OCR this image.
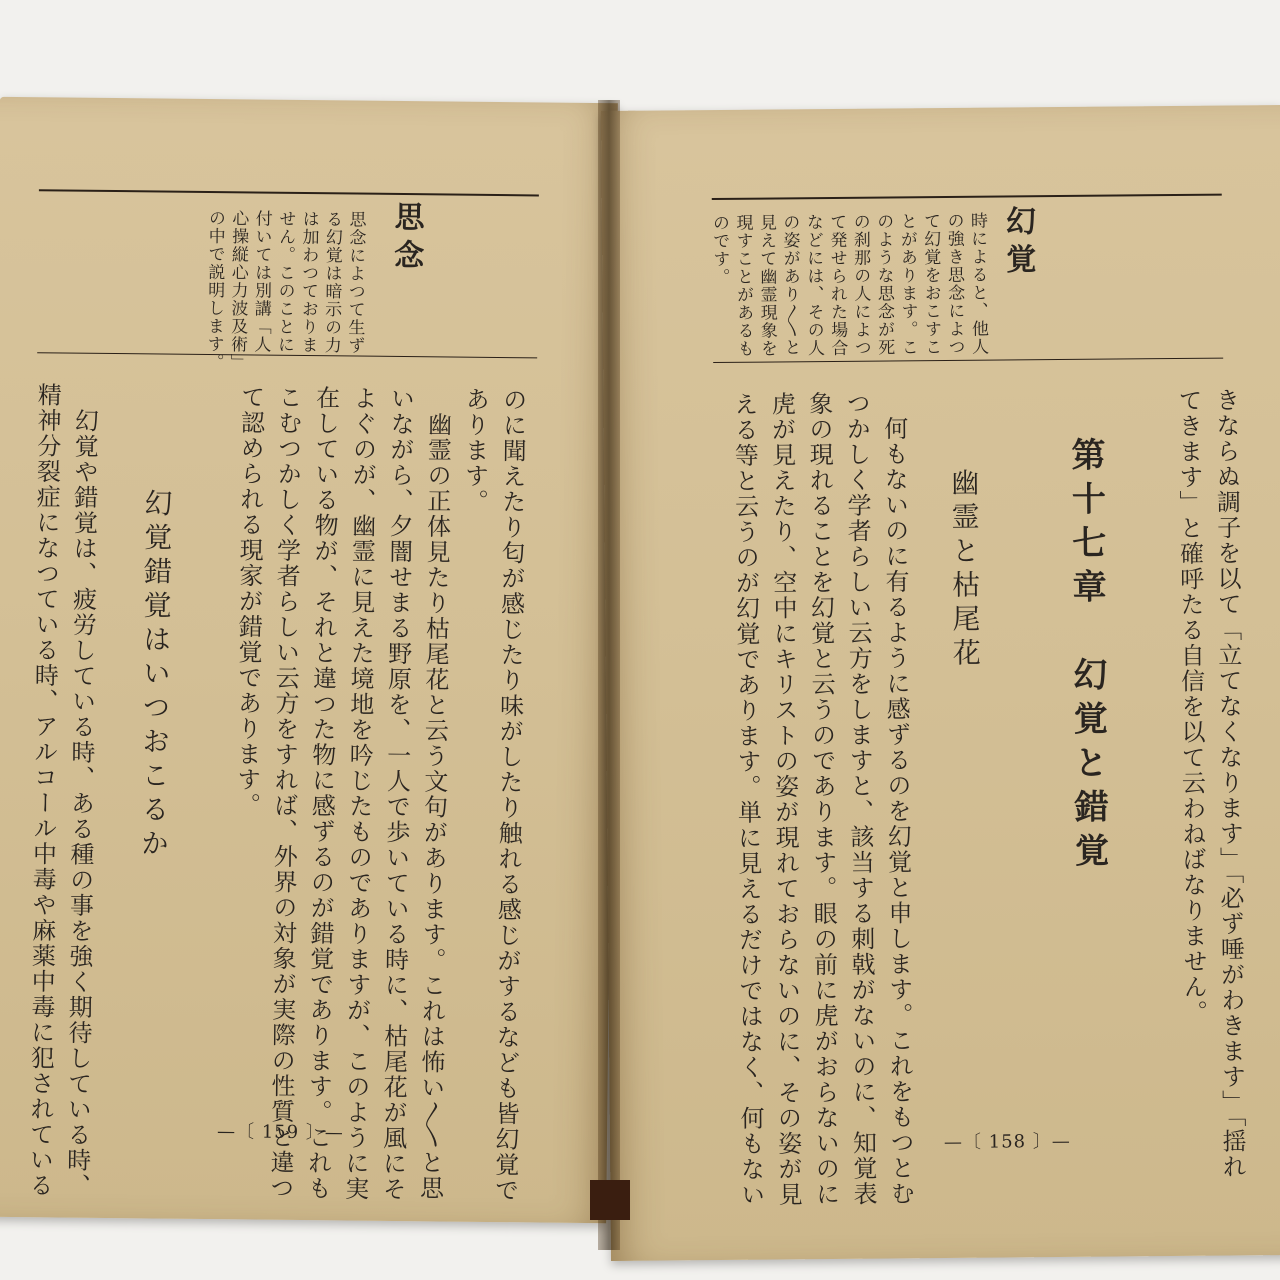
思念
思念によつて生ず
る幻覚は暗示の力
は加わつておりま
せん。このことに
付いては別講「人
心操縦心力波及術」
の中で説明します。
のに聞えたり匂が感じたり味がしたり触れる感じがするなども皆幻覚で
あります。
　幽霊の正体見たり枯尾花と云う文句があります。これは怖い〳〵と思
いながら、夕闇せまる野原を、一人で歩いている時に、枯尾花が風にそ
よぐのが、幽霊に見えた境地を吟じたものでありますが、このように実
在している物が、それと違つた物に感ずるのが錯覚であります。これも
こむつかしく学者らしい云方をすれば、外界の対象が実際の性質と違つ
て認められる現家が錯覚であります。
幻覚錯覚はいつおこるか
　幻覚や錯覚は、疲労している時、ある種の事を強く期待している時、
精神分裂症になつている時、アルコール中毒や麻薬中毒に犯されている	—〔 159 〕—
幻覚
時によると、他人
の強き思念によつ
て幻覚をおこすこ
とがあります。こ
のような思念が死
の刹那の人によつ
て発せられた場合
などには、その人
の姿があり〳〵と
見えて幽霊現象を
現すことがあるも
のです。
きならぬ調子を以て「立てなくなります」「必ず唾がわきます」「揺れ
てきます」と確呼たる自信を以て云わねばなりません。
第十七章　幻覚と錯覚
幽霊と枯尾花
　何もないのに有るように感ずるのを幻覚と申します。これをもつとむ
つかしく学者らしい云方をしますと、該当する刺戟がないのに、知覚表
象の現れることを幻覚と云うのであります。眼の前に虎がおらないのに
虎が見えたり、空中にキリストの姿が現れておらないのに、その姿が見
える等と云うのが幻覚であります。単に見えるだけではなく、何もない	—〔 158 〕—
